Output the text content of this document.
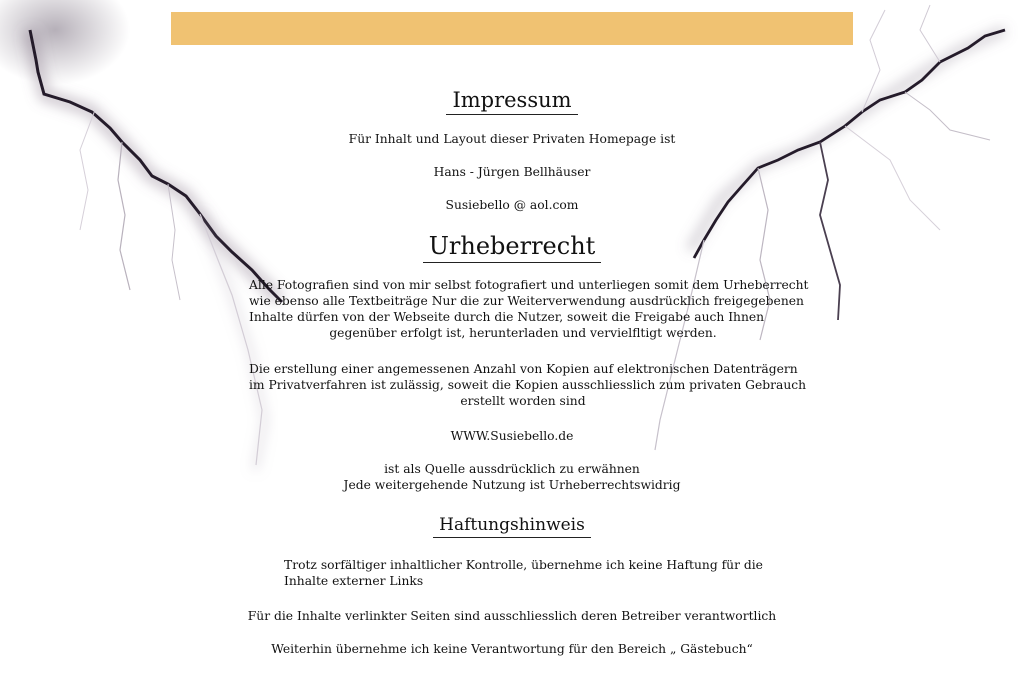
Impressum
Für Inhalt und Layout dieser Privaten Homepage ist
Hans - Jürgen Bellhäuser
Susiebello @ aol.com
Urheberrecht
Alle Fotografien sind von mir selbst fotografiert und unterliegen somit dem Urheberrecht
wie ebenso alle Textbeiträge Nur die zur Weiterverwendung ausdrücklich freigegebenen
Inhalte dürfen von der Webseite durch die Nutzer, soweit die Freigabe auch Ihnen
gegenüber erfolgt ist, herunterladen und vervielfltigt werden.
Die erstellung einer angemessenen Anzahl von Kopien auf elektronischen Datenträgern
im Privatverfahren ist zulässig, soweit die Kopien ausschliesslich zum privaten Gebrauch
erstellt worden sind
WWW.Susiebello.de
ist als Quelle aussdrücklich zu erwähnen
Jede weitergehende Nutzung ist Urheberrechtswidrig
Haftungshinweis
Trotz sorfältiger inhaltlicher Kontrolle, übernehme ich keine Haftung für die
Inhalte externer Links
Für die Inhalte verlinkter Seiten sind ausschliesslich deren Betreiber verantwortlich
Weiterhin übernehme ich keine Verantwortung für den Bereich „ Gästebuch“
